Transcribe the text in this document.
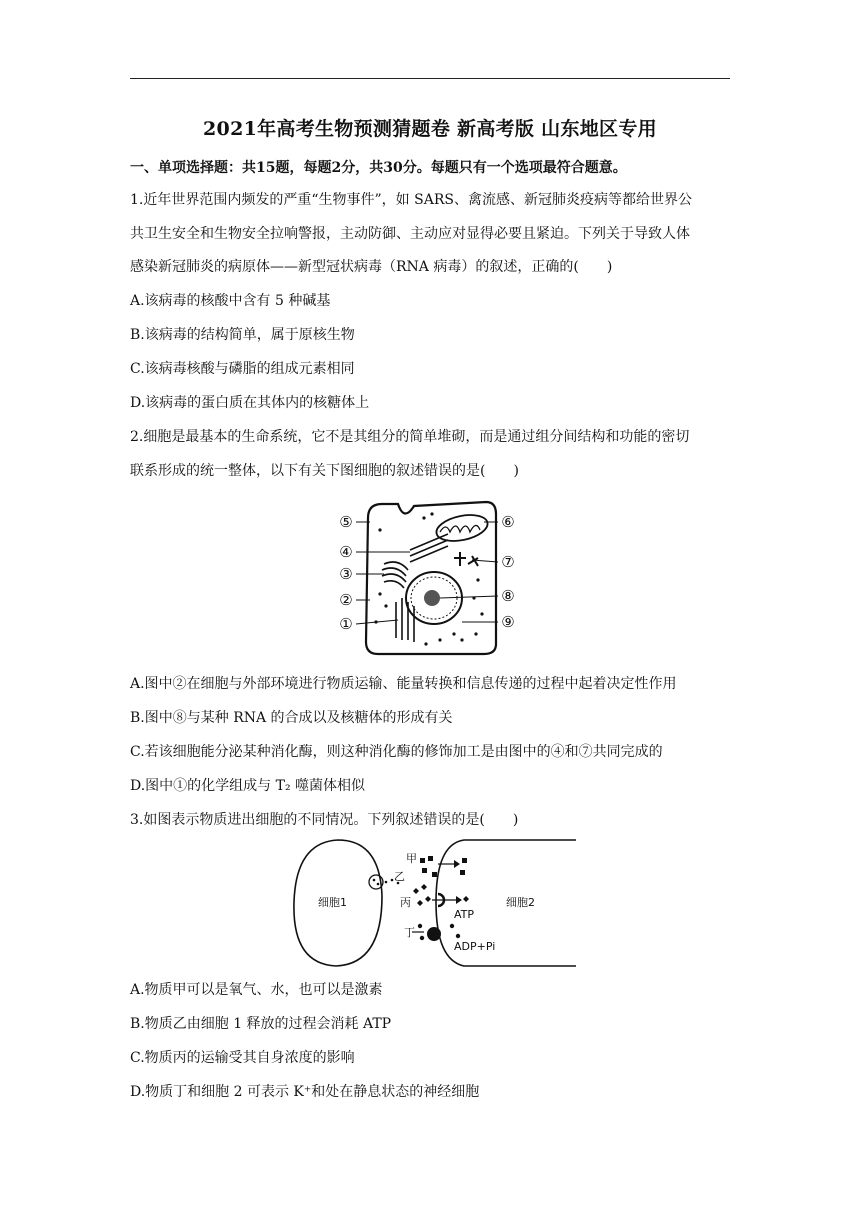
2021年高考生物预测猜题卷 新高考版 山东地区专用
一、单项选择题：共15题，每题2分，共30分。每题只有一个选项最符合题意。
1.近年世界范围内频发的严重“生物事件”，如 SARS、禽流感、新冠肺炎疫病等都给世界公
共卫生安全和生物安全拉响警报，主动防御、主动应对显得必要且紧迫。下列关于导致人体
感染新冠肺炎的病原体——新型冠状病毒（RNA 病毒）的叙述，正确的( )
A.该病毒的核酸中含有 5 种碱基
B.该病毒的结构简单，属于原核生物
C.该病毒核酸与磷脂的组成元素相同
D.该病毒的蛋白质在其体内的核糖体上
2.细胞是最基本的生命系统，它不是其组分的简单堆砌，而是通过组分间结构和功能的密切
联系形成的统一整体，以下有关下图细胞的叙述错误的是( )
⑤
④
③
②
①
⑥
⑦
⑧
⑨
A.图中②在细胞与外部环境进行物质运输、能量转换和信息传递的过程中起着决定性作用
B.图中⑧与某种 RNA 的合成以及核糖体的形成有关
C.若该细胞能分泌某种消化酶，则这种消化酶的修饰加工是由图中的④和⑦共同完成的
D.图中①的化学组成与 T₂ 噬菌体相似
3.如图表示物质进出细胞的不同情况。下列叙述错误的是( )
甲
乙
丙
丁
ATP
ADP+Pi
细胞1	细胞2
A.物质甲可以是氧气、水，也可以是激素
B.物质乙由细胞 1 释放的过程会消耗 ATP
C.物质丙的运输受其自身浓度的影响
D.物质丁和细胞 2 可表示 K⁺和处在静息状态的神经细胞
